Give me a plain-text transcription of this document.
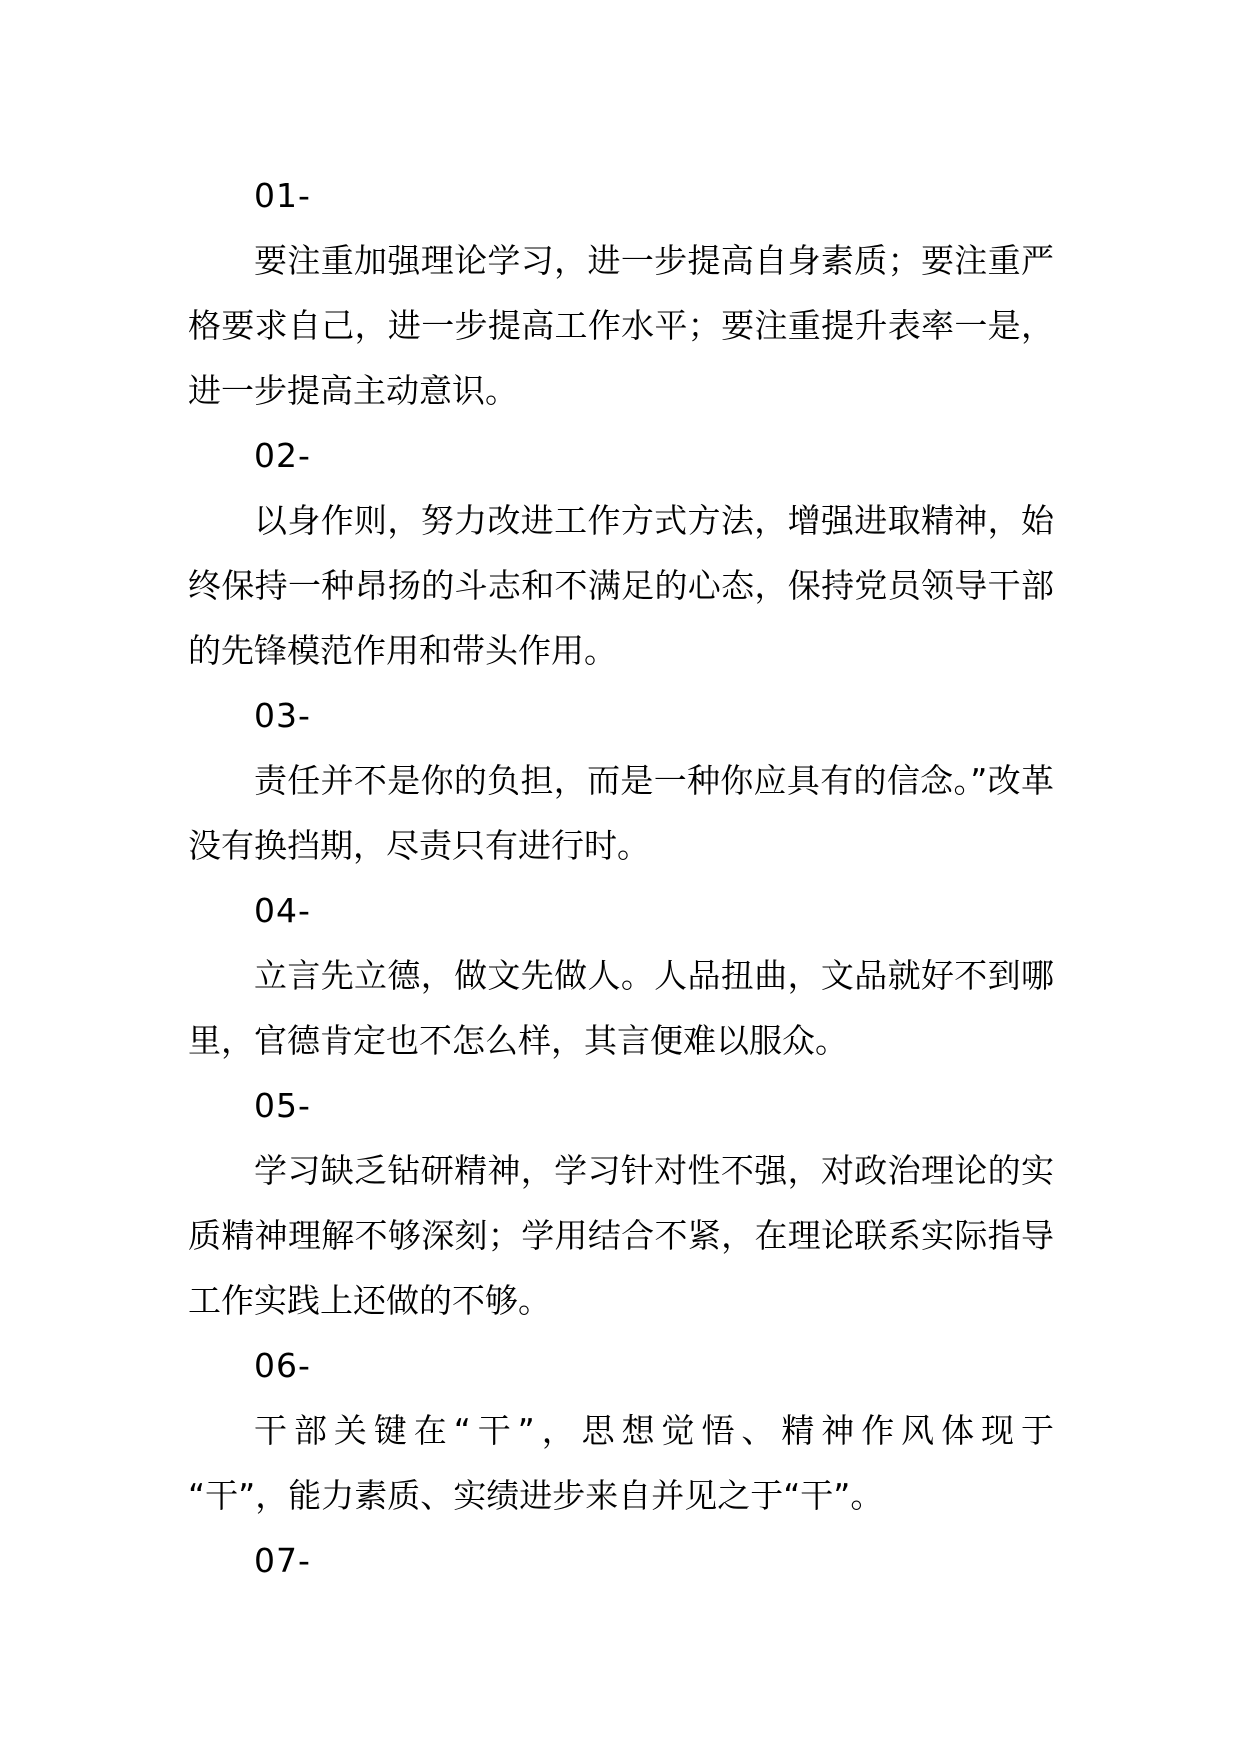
01-

要注重加强理论学习，进一步提高自身素质；要注重严格要求自己，进一步提高工作水平；要注重提升表率一是，进一步提高主动意识。

02-

以身作则，努力改进工作方式方法，增强进取精神，始终保持一种昂扬的斗志和不满足的心态，保持党员领导干部的先锋模范作用和带头作用。

03-

责任并不是你的负担，而是一种你应具有的信念。”改革没有换挡期，尽责只有进行时。

04-

立言先立德，做文先做人。人品扭曲，文品就好不到哪里，官德肯定也不怎么样，其言便难以服众。

05-

学习缺乏钻研精神，学习针对性不强，对政治理论的实质精神理解不够深刻；学用结合不紧，在理论联系实际指导工作实践上还做的不够。

06-

干部关键在“干”，思想觉悟、精神作风体现于

“干”，能力素质、实绩进步来自并见之于“干”。

07-
